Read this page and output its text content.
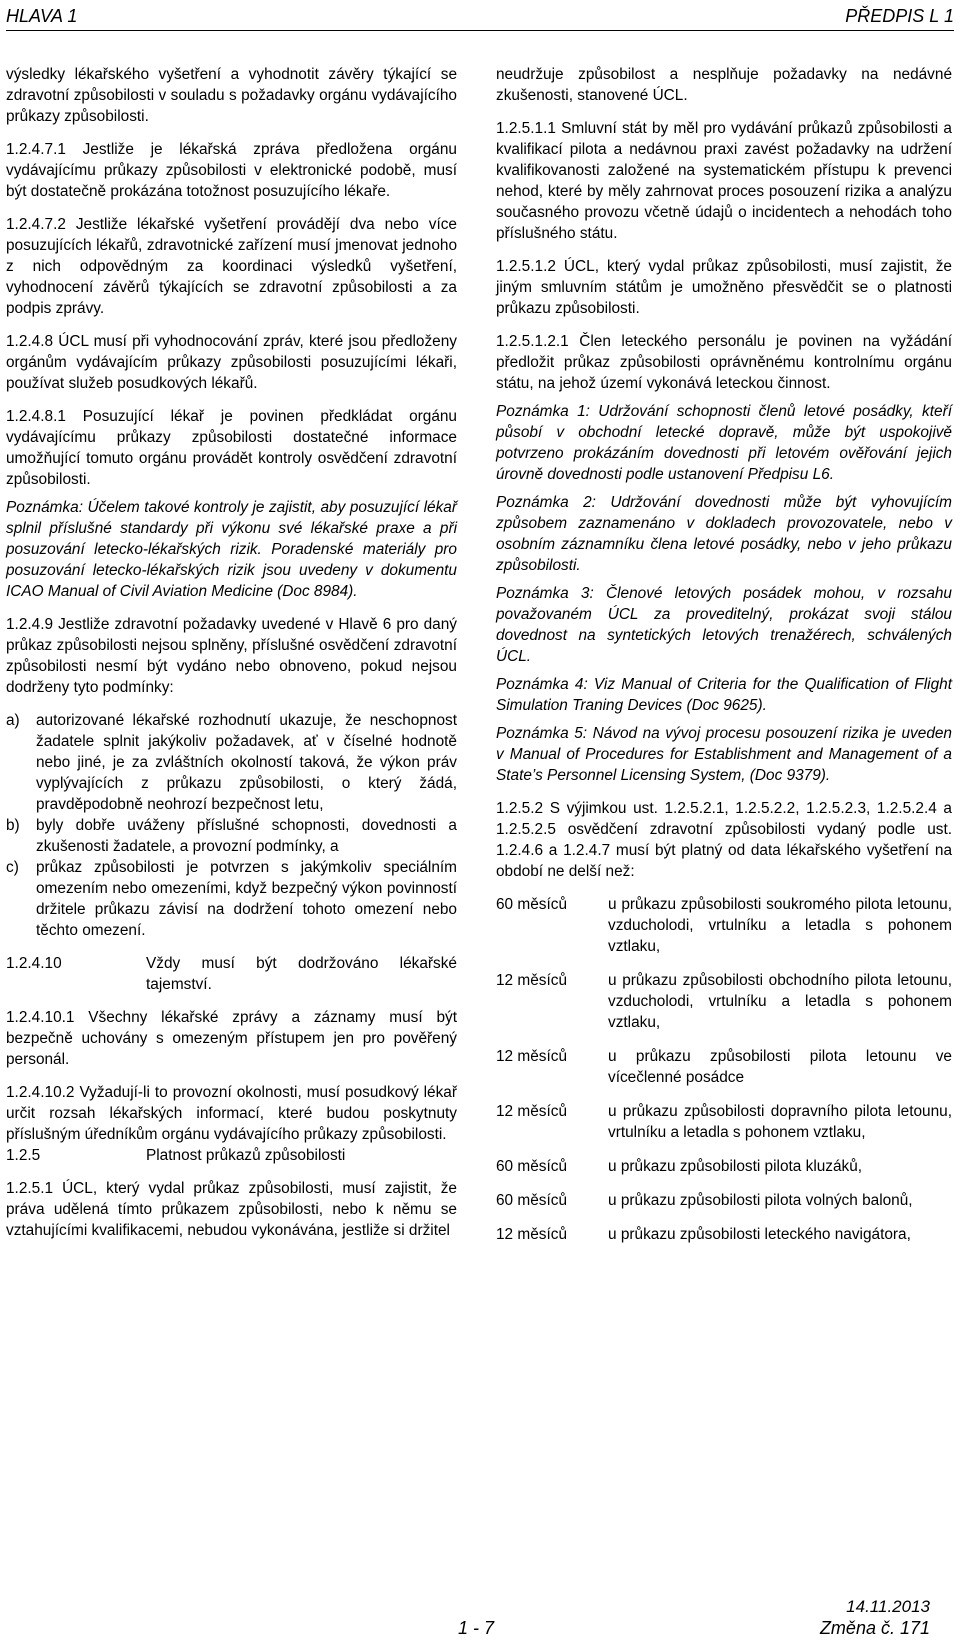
HLAVA 1	PŘEDPIS L 1

výsledky lékařského vyšetření a vyhodnotit závěry týkající se zdravotní způsobilosti v souladu s požadavky orgánu vydávajícího průkazy způsobilosti.

1.2.4.7.1 Jestliže je lékařská zpráva předložena orgánu vydávajícímu průkazy způsobilosti v elektronické podobě, musí být dostatečně prokázána totožnost posuzujícího lékaře.

1.2.4.7.2 Jestliže lékařské vyšetření provádějí dva nebo více posuzujících lékařů, zdravotnické zařízení musí jmenovat jednoho z nich odpovědným za koordinaci výsledků vyšetření, vyhodnocení závěrů týkajících se zdravotní způsobilosti a za podpis zprávy.

1.2.4.8 ÚCL musí při vyhodnocování zpráv, které jsou předloženy orgánům vydávajícím průkazy způsobilosti posuzujícími lékaři, používat služeb posudkových lékařů.

1.2.4.8.1 Posuzující lékař je povinen předkládat orgánu vydávajícímu průkazy způsobilosti dostatečné informace umožňující tomuto orgánu provádět kontroly osvědčení zdravotní způsobilosti.

Poznámka: Účelem takové kontroly je zajistit, aby posuzující lékař splnil příslušné standardy při výkonu své lékařské praxe a při posuzování letecko-lékařských rizik. Poradenské materiály pro posuzování letecko-lékařských rizik jsou uvedeny v dokumentu ICAO Manual of Civil Aviation Medicine (Doc 8984).

1.2.4.9 Jestliže zdravotní požadavky uvedené v Hlavě 6 pro daný průkaz způsobilosti nejsou splněny, příslušné osvědčení zdravotní způsobilosti nesmí být vydáno nebo obnoveno, pokud nejsou dodrženy tyto podmínky:

a)	autorizované lékařské rozhodnutí ukazuje, že neschopnost žadatele splnit jakýkoliv požadavek, ať v číselné hodnotě nebo jiné, je za zvláštních okolností taková, že výkon práv vyplývajících z průkazu způsobilosti, o který žádá, pravděpodobně neohrozí bezpečnost letu,
b)	byly dobře uváženy příslušné schopnosti, dovednosti a zkušenosti žadatele, a provozní podmínky, a
c)	průkaz způsobilosti je potvrzen s jakýmkoliv speciálním omezením nebo omezeními, když bezpečný výkon povinností držitele průkazu závisí na dodržení tohoto omezení nebo těchto omezení.
1.2.4.10	Vždy musí být dodržováno lékařské tajemství.

1.2.4.10.1 Všechny lékařské zprávy a záznamy musí být bezpečně uchovány s omezeným přístupem jen pro pověřený personál.

1.2.4.10.2 Vyžadují-li to provozní okolnosti, musí posudkový lékař určit rozsah lékařských informací, které budou poskytnuty příslušným úředníkům orgánu vydávajícího průkazy způsobilosti.

1.2.5	Platnost průkazů způsobilosti

1.2.5.1 ÚCL, který vydal průkaz způsobilosti, musí zajistit, že práva udělená tímto průkazem způsobilosti, nebo k němu se vztahujícími kvalifikacemi, nebudou vykonávána, jestliže si držitel

neudržuje způsobilost a nesplňuje požadavky na nedávné zkušenosti, stanovené ÚCL.

1.2.5.1.1 Smluvní stát by měl pro vydávání průkazů způsobilosti a kvalifikací pilota a nedávnou praxi zavést požadavky na udržení kvalifikovanosti založené na systematickém přístupu k prevenci nehod, které by měly zahrnovat proces posouzení rizika a analýzu současného provozu včetně údajů o incidentech a nehodách toho příslušného státu.

1.2.5.1.2 ÚCL, který vydal průkaz způsobilosti, musí zajistit, že jiným smluvním státům je umožněno přesvědčit se o platnosti průkazu způsobilosti.

1.2.5.1.2.1 Člen leteckého personálu je povinen na vyžádání předložit průkaz způsobilosti oprávněnému kontrolnímu orgánu státu, na jehož území vykonává leteckou činnost.

Poznámka 1: Udržování schopnosti členů letové posádky, kteří působí v obchodní letecké dopravě, může být uspokojivě potvrzeno prokázáním dovednosti při letovém ověřování jejich úrovně dovednosti podle ustanovení Předpisu L6.

Poznámka 2: Udržování dovednosti může být vyhovujícím způsobem zaznamenáno v dokladech provozovatele, nebo v osobním záznamníku člena letové posádky, nebo v jeho průkazu způsobilosti.

Poznámka 3: Členové letových posádek mohou, v rozsahu považovaném ÚCL za proveditelný, prokázat svoji stálou dovednost na syntetických letových trenažérech, schválených ÚCL.

Poznámka 4: Viz Manual of Criteria for the Qualification of Flight Simulation Traning Devices (Doc 9625).

Poznámka 5: Návod na vývoj procesu posouzení rizika je uveden v Manual of Procedures for Establishment and Management of a State’s Personnel Licensing System, (Doc 9379).

1.2.5.2 S výjimkou ust. 1.2.5.2.1, 1.2.5.2.2, 1.2.5.2.3, 1.2.5.2.4 a 1.2.5.2.5 osvědčení zdravotní způsobilosti vydaný podle ust. 1.2.4.6 a 1.2.4.7 musí být platný od data lékařského vyšetření na období ne delší než:

60 měsíců	u průkazu způsobilosti soukromého pilota letounu, vzducholodi, vrtulníku a letadla s pohonem vztlaku,
12 měsíců	u průkazu způsobilosti obchodního pilota letounu, vzducholodi, vrtulníku a letadla s pohonem vztlaku,
12 měsíců	u průkazu způsobilosti pilota letounu ve vícečlenné posádce
12 měsíců	u průkazu způsobilosti dopravního pilota letounu, vrtulníku a letadla s pohonem vztlaku,
60 měsíců	u průkazu způsobilosti pilota kluzáků,
60 měsíců	u průkazu způsobilosti pilota volných balonů,
12 měsíců	u průkazu způsobilosti leteckého navigátora,
14.11.2013
1 - 7	Změna č. 171
